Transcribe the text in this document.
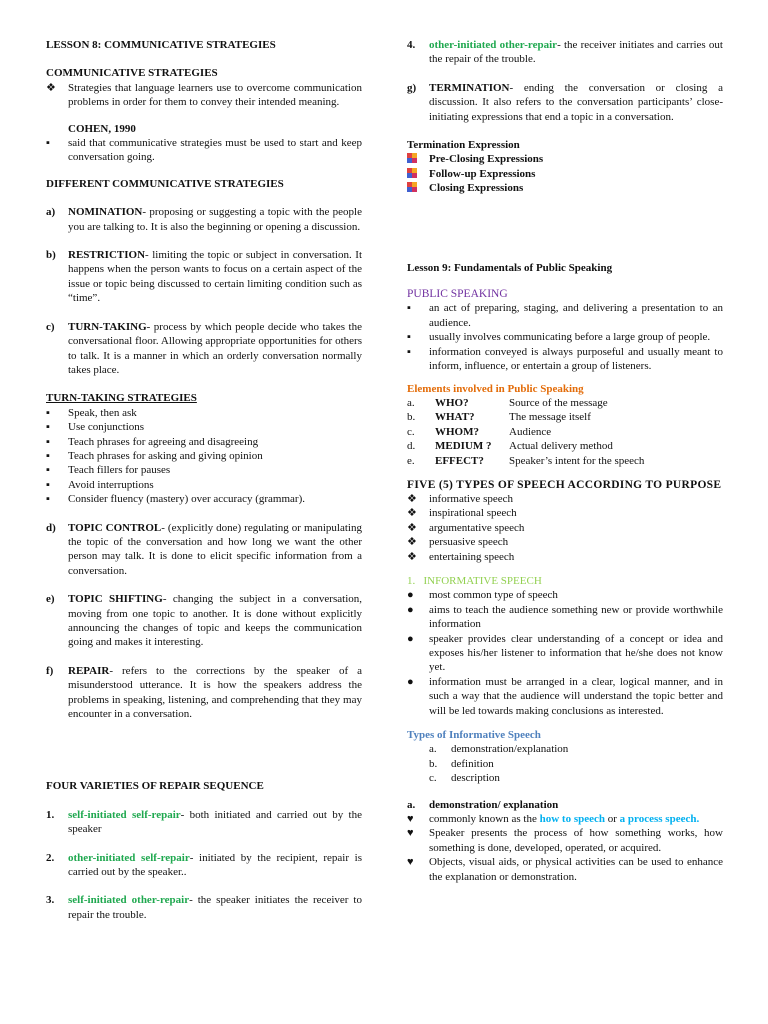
LESSON 8: COMMUNICATIVE STRATEGIES

COMMUNICATIVE STRATEGIES

❖	Strategies that language learners use to overcome communication problems in order for them to convey their intended meaning.

COHEN, 1990

▪	said that communicative strategies must be used to start and keep conversation going.

DIFFERENT COMMUNICATIVE STRATEGIES

a)	NOMINATION- proposing or suggesting a topic with the people you are talking to. It is also the beginning or opening a discussion.
b)	RESTRICTION- limiting the topic or subject in conversation. It happens when the person wants to focus on a certain aspect of the issue or topic being discussed to certain limiting condition such as “time”.
c)	TURN-TAKING- process by which people decide who takes the conversational floor. Allowing appropriate opportunities for others to talk. It is a manner in which an orderly conversation normally takes place.

TURN-TAKING STRATEGIES

▪	Speak, then ask
▪	Use conjunctions
▪	Teach phrases for agreeing and disagreeing
▪	Teach phrases for asking and giving opinion
▪	Teach fillers for pauses
▪	Avoid interruptions
▪	Consider fluency (mastery) over accuracy (grammar).
d)	TOPIC CONTROL- (explicitly done) regulating or manipulating the topic of the conversation and how long we want the other person may talk. It is done to elicit specific information from a conversation.
e)	TOPIC SHIFTING- changing the subject in a conversation, moving from one topic to another. It is done without explicitly announcing the changes of topic and keeps the communication going and makes it interesting.
f)	REPAIR- refers to the corrections by the speaker of a misunderstood utterance. It is how the speakers address the problems in speaking, listening, and comprehending that they may encounter in a conversation.

FOUR VARIETIES OF REPAIR SEQUENCE

1.	self-initiated self-repair- both initiated and carried out by the speaker
2.	other-initiated self-repair- initiated by the recipient, repair is carried out by the speaker..
3.	self-initiated other-repair- the speaker initiates the receiver to repair the trouble.
4.	other-initiated other-repair- the receiver initiates and carries out the repair of the trouble.
g)	TERMINATION- ending the conversation or closing a discussion. It also refers to the conversation participants’ close-initiating expressions that end a topic in a conversation.

Termination Expression

Pre-Closing Expressions
Follow-up Expressions
Closing Expressions

Lesson 9: Fundamentals of Public Speaking

PUBLIC SPEAKING

▪	an act of preparing, staging, and delivering a presentation to an audience.
▪	usually involves communicating before a large group of people.
▪	information conveyed is always purposeful and usually meant to inform, influence, or entertain a group of listeners.

Elements involved in Public Speaking

a.	WHO?	Source of the message
b.	WHAT?	The message itself
c.	WHOM?	Audience
d.	MEDIUM ?	Actual delivery method
e.	EFFECT?	Speaker’s intent for the speech

FIVE (5) TYPES OF SPEECH ACCORDING TO PURPOSE

❖	informative speech
❖	inspirational speech
❖	argumentative speech
❖	persuasive speech
❖	entertaining speech

1.   INFORMATIVE SPEECH

●	most common type of speech
●	aims to teach the audience something new or provide worthwhile information
●	speaker provides clear understanding of a concept or idea and exposes his/her listener to information that he/she does not know yet.
●	information must be arranged in a clear, logical manner, and in such a way that the audience will understand the topic better and will be led towards making conclusions as interested.

Types of Informative Speech

a.	demonstration/explanation
b.	definition
c.	description
a.	demonstration/ explanation
♥	commonly known as the how to speech or a process speech.
♥	Speaker presents the process of how something works, how something is done, developed, operated, or acquired.
♥	Objects, visual aids, or physical activities can be used to enhance the explanation or demonstration.
